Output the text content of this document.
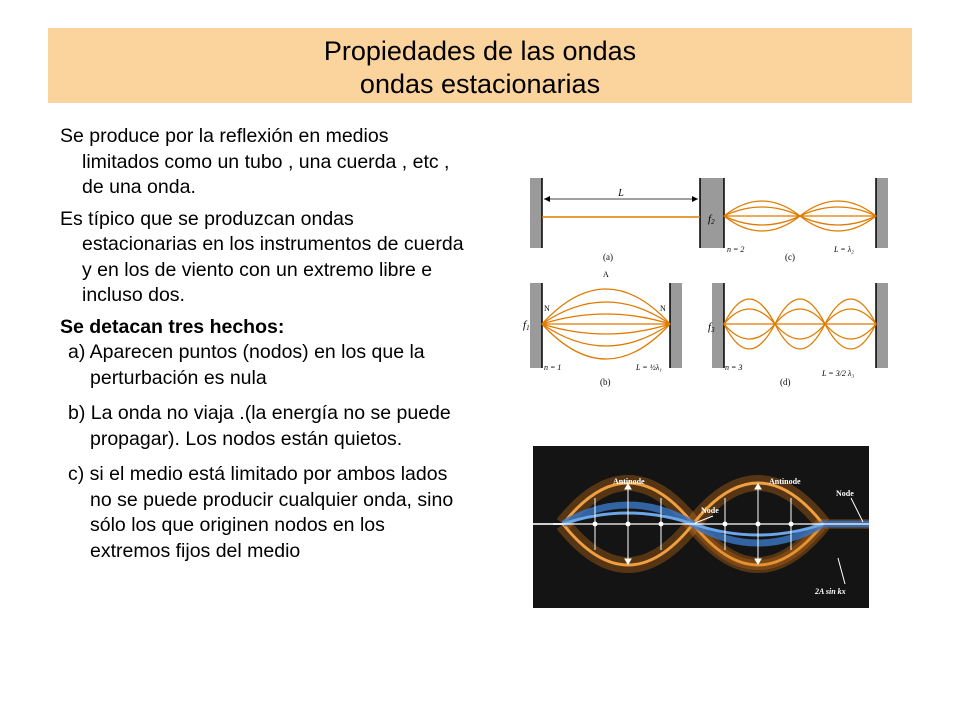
Propiedades de las ondas
ondas estacionarias

Se produce por la reflexión en medios limitados como un tubo , una cuerda , etc , de una onda.

Es típico que se produzcan ondas estacionarias en los instrumentos de cuerda y en los de viento con un extremo libre e incluso dos.

Se detacan tres hechos:

a) Aparecen puntos (nodos) en los que la perturbación es nula

b) La onda no viaja .(la energía no se puede propagar). Los nodos están quietos.

c) si el medio está limitado por ambos lados no se puede producir cualquier onda, sino sólo los que originen nodos en los extremos fijos del medio

L
(a)
f2
n = 2	L = λ₂
(c)
A
N	N
f1
n = 1	L = ½λ₁
(b)
f3
n = 3
L = 3/2 λ₃
(d)
Antinode	Antinode
Node
Node
2A sin kx
